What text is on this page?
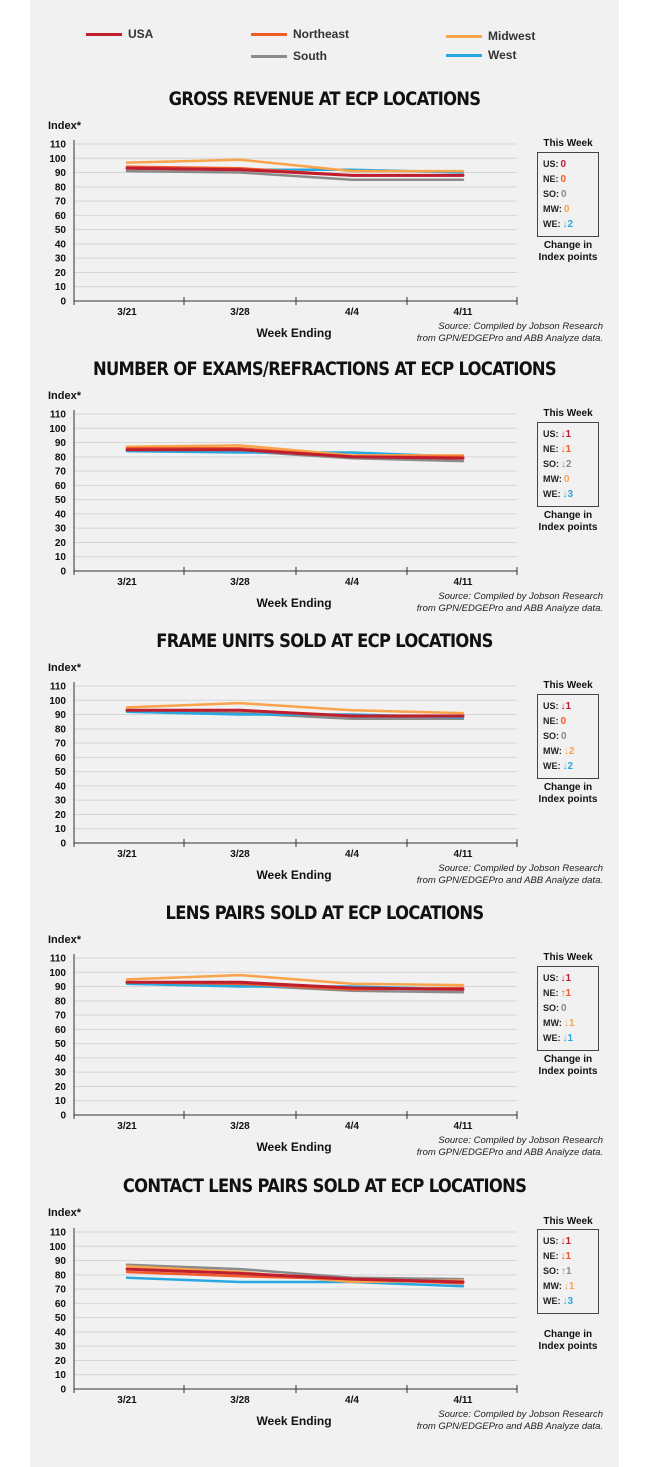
USA	Northeast	Midwest
South	West
GROSS REVENUE AT ECP LOCATIONS
Index*
0
10
20
30
40
50
60
70
80
90
100
110
3/21	3/28	4/4	4/11
Week Ending
This Week
US: 0
NE: 0
SO: 0
MW: 0
WE: ↓2
Change in
Index points
Source: Compiled by Jobson Research
from GPN/EDGEPro and ABB Analyze data.
NUMBER OF EXAMS/REFRACTIONS AT ECP LOCATIONS
Index*
0
10
20
30
40
50
60
70
80
90
100
110
3/21	3/28	4/4	4/11
Week Ending
This Week
US: ↓1
NE: ↓1
SO: ↓2
MW: 0
WE: ↓3
Change in
Index points
Source: Compiled by Jobson Research
from GPN/EDGEPro and ABB Analyze data.
FRAME UNITS SOLD AT ECP LOCATIONS
Index*
0
10
20
30
40
50
60
70
80
90
100
110
3/21	3/28	4/4	4/11
Week Ending
This Week
US: ↓1
NE: 0
SO: 0
MW: ↓2
WE: ↓2
Change in
Index points
Source: Compiled by Jobson Research
from GPN/EDGEPro and ABB Analyze data.
LENS PAIRS SOLD AT ECP LOCATIONS
Index*
0
10
20
30
40
50
60
70
80
90
100
110
3/21	3/28	4/4	4/11
Week Ending
This Week
US: ↓1
NE: ↑1
SO: 0
MW: ↓1
WE: ↓1
Change in
Index points
Source: Compiled by Jobson Research
from GPN/EDGEPro and ABB Analyze data.
CONTACT LENS PAIRS SOLD AT ECP LOCATIONS
Index*
0
10
20
30
40
50
60
70
80
90
100
110
3/21	3/28	4/4	4/11
Week Ending
This Week
US: ↓1
NE: ↓1
SO: ↑1
MW: ↓1
WE: ↓3
Change in
Index points
Source: Compiled by Jobson Research
from GPN/EDGEPro and ABB Analyze data.
